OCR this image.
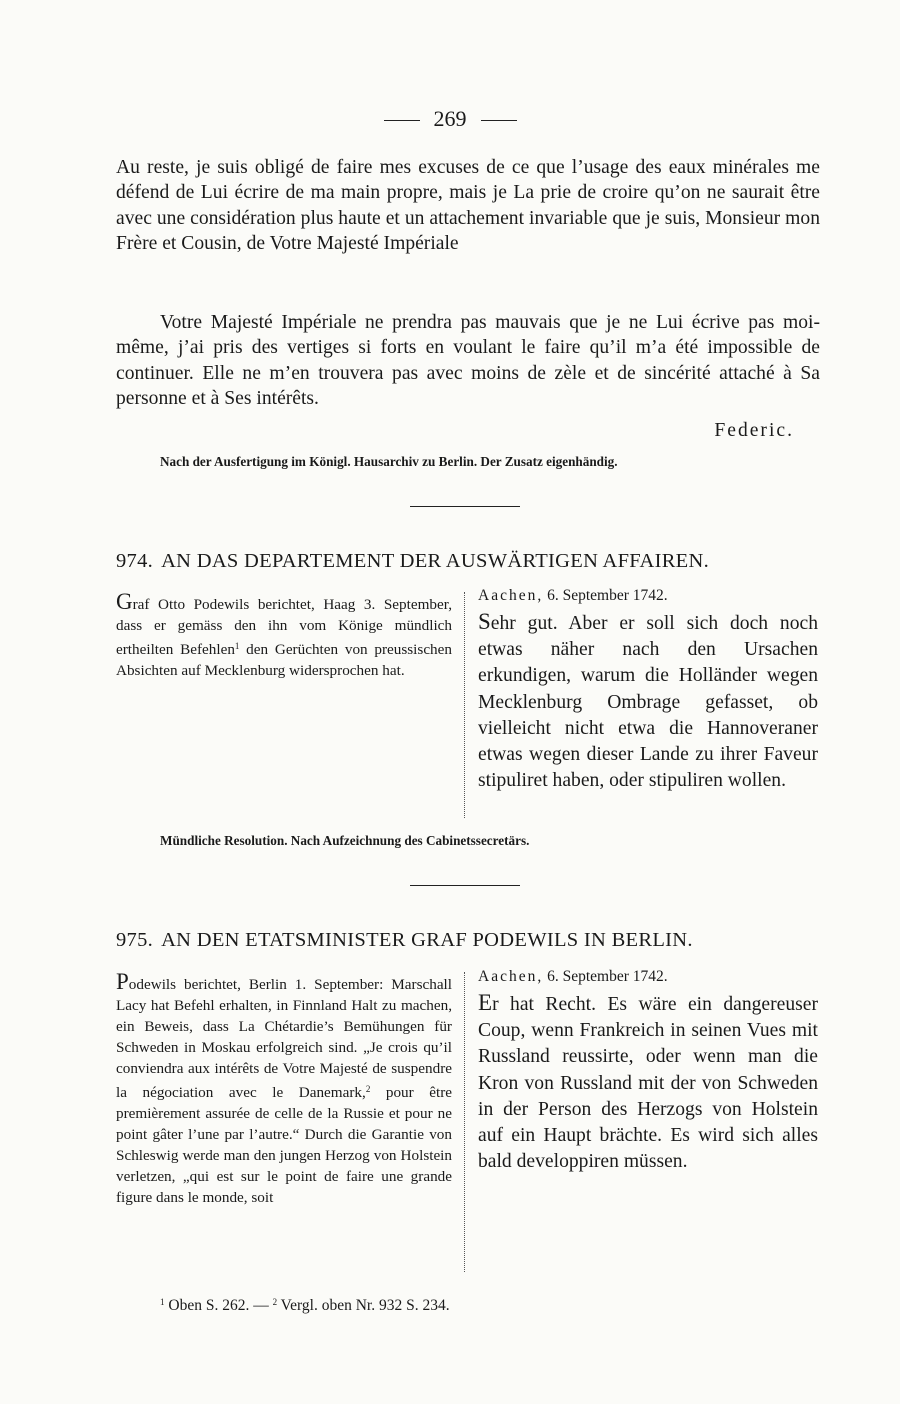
269
Au reste, je suis obligé de faire mes excuses de ce que l’usage des eaux minérales me défend de Lui écrire de ma main propre, mais je La prie de croire qu’on ne saurait être avec une considération plus haute et un attachement invariable que je suis, Monsieur mon Frère et Cousin, de Votre Majesté Impériale
Votre Majesté Impériale ne prendra pas mauvais que je ne Lui écrive pas moi-même, j’ai pris des vertiges si forts en voulant le faire qu’il m’a été impossible de continuer. Elle ne m’en trouvera pas avec moins de zèle et de sincérité attaché à Sa personne et à Ses intérêts.
Federic.
Nach der Ausfertigung im Königl. Hausarchiv zu Berlin. Der Zusatz eigenhändig.
974. AN DAS DEPARTEMENT DER AUSWÄRTIGEN AFFAIREN.
Graf Otto Podewils berichtet, Haag 3. September, dass er gemäss den ihn vom Könige mündlich ertheilten Befehlen$^1$ den Gerüchten von preussischen Absichten auf Mecklenburg widersprochen hat.
Aachen, 6. September 1742.
Sehr gut. Aber er soll sich doch noch etwas näher nach den Ursachen erkundigen, warum die Holländer wegen Mecklenburg Ombrage gefasset, ob vielleicht nicht etwa die Hannoveraner etwas wegen dieser Lande zu ihrer Faveur stipuliret haben, oder stipuliren wollen.
Mündliche Resolution. Nach Aufzeichnung des Cabinetssecretärs.
975. AN DEN ETATSMINISTER GRAF PODEWILS IN BERLIN.
Podewils berichtet, Berlin 1. September: Marschall Lacy hat Befehl erhalten, in Finnland Halt zu machen, ein Beweis, dass La Chétardie’s Bemühungen für Schweden in Moskau erfolgreich sind. „Je crois qu’il conviendra aux intérêts de Votre Majesté de suspendre la négociation avec le Danemark,$^2$ pour être premièrement assurée de celle de la Russie et pour ne point gâter l’une par l’autre.“ Durch die Garantie von Schleswig werde man den jungen Herzog von Holstein verletzen, „qui est sur le point de faire une grande figure dans le monde, soit
Aachen, 6. September 1742.
Er hat Recht. Es wäre ein dangereuser Coup, wenn Frankreich in seinen Vues mit Russland reussirte, oder wenn man die Kron von Russland mit der von Schweden in der Person des Herzogs von Holstein auf ein Haupt brächte. Es wird sich alles bald developpiren müssen.
$^1$ Oben S. 262. — $^2$ Vergl. oben Nr. 932 S. 234.
